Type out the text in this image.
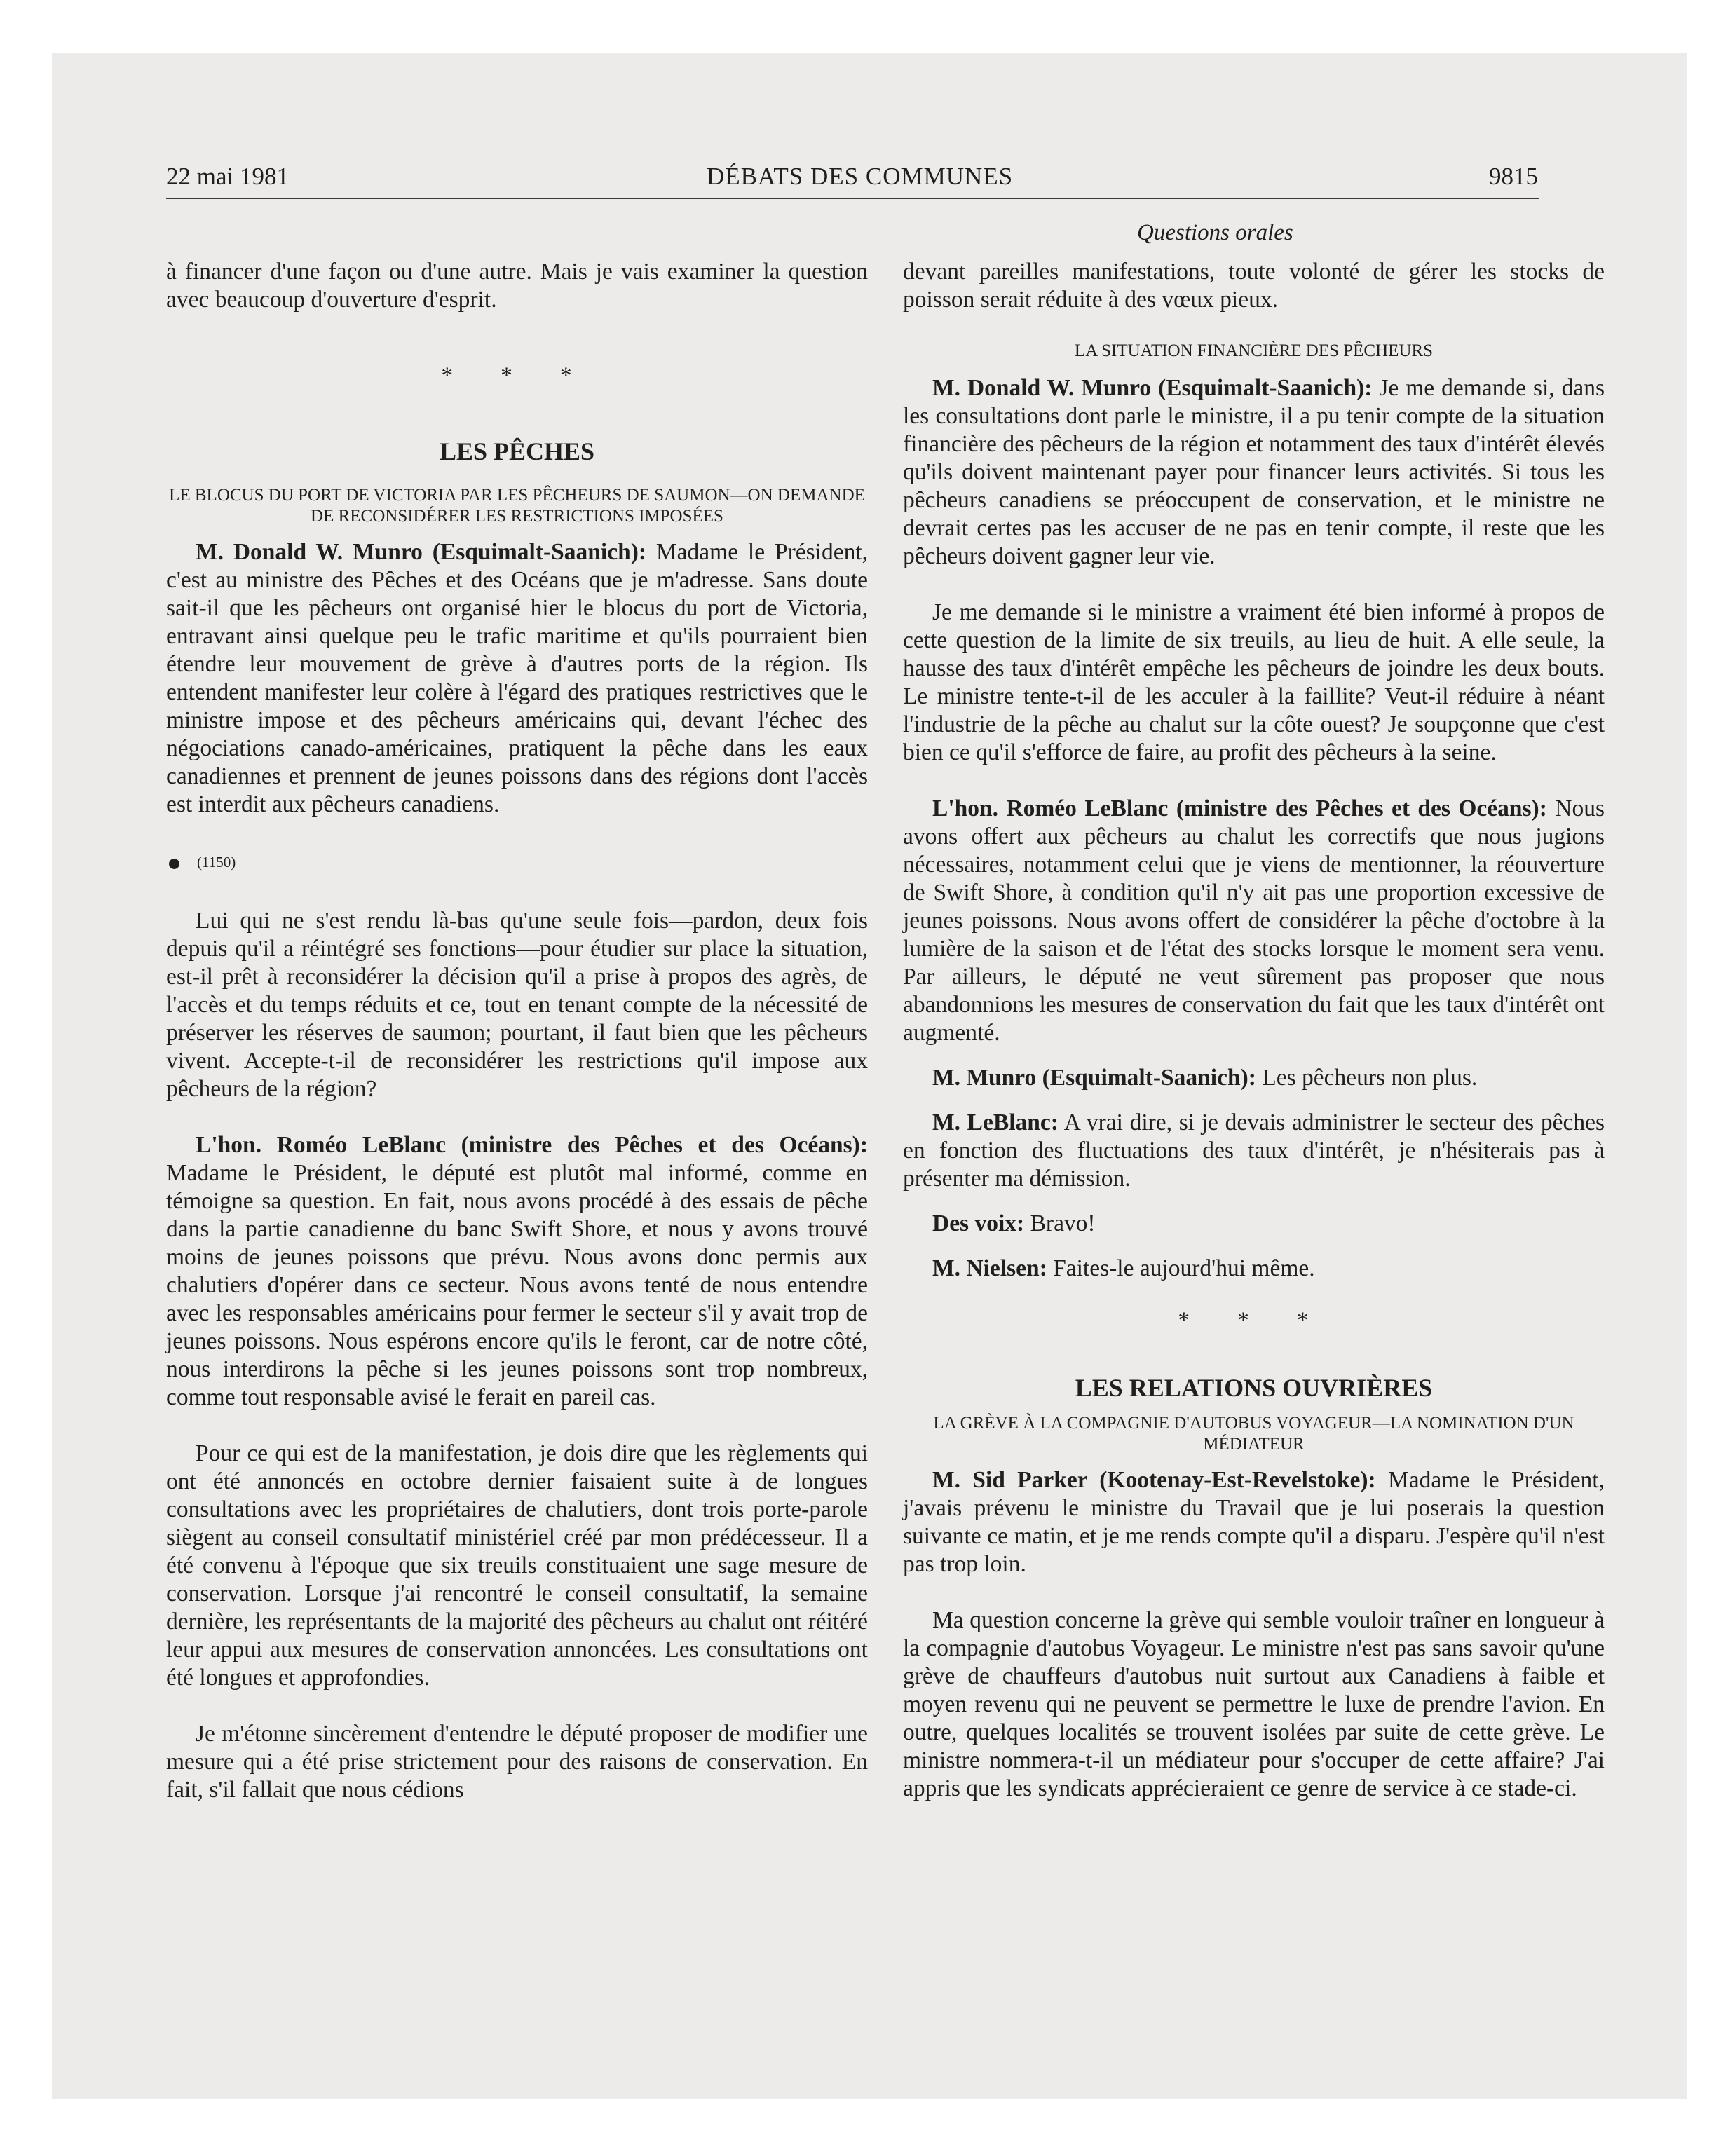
22 mai 1981	DÉBATS DES COMMUNES	9815
Questions orales

à financer d'une façon ou d'une autre. Mais je vais examiner la question avec beaucoup d'ouverture d'esprit.

* * *
LES PÊCHES
LE BLOCUS DU PORT DE VICTORIA PAR LES PÊCHEURS DE SAUMON—ON DEMANDE DE RECONSIDÉRER LES RESTRICTIONS IMPOSÉES

M. Donald W. Munro (Esquimalt-Saanich): Madame le Président, c'est au ministre des Pêches et des Océans que je m'adresse. Sans doute sait-il que les pêcheurs ont organisé hier le blocus du port de Victoria, entravant ainsi quelque peu le trafic maritime et qu'ils pourraient bien étendre leur mouvement de grève à d'autres ports de la région. Ils entendent manifester leur colère à l'égard des pratiques restrictives que le ministre impose et des pêcheurs américains qui, devant l'échec des négociations canado-américaines, pratiquent la pêche dans les eaux canadiennes et prennent de jeunes poissons dans des régions dont l'accès est interdit aux pêcheurs canadiens.

(1150)

Lui qui ne s'est rendu là-bas qu'une seule fois—pardon, deux fois depuis qu'il a réintégré ses fonctions—pour étudier sur place la situation, est-il prêt à reconsidérer la décision qu'il a prise à propos des agrès, de l'accès et du temps réduits et ce, tout en tenant compte de la nécessité de préserver les réserves de saumon; pourtant, il faut bien que les pêcheurs vivent. Accepte-t-il de reconsidérer les restrictions qu'il impose aux pêcheurs de la région?

L'hon. Roméo LeBlanc (ministre des Pêches et des Océans): Madame le Président, le député est plutôt mal informé, comme en témoigne sa question. En fait, nous avons procédé à des essais de pêche dans la partie canadienne du banc Swift Shore, et nous y avons trouvé moins de jeunes poissons que prévu. Nous avons donc permis aux chalutiers d'opérer dans ce secteur. Nous avons tenté de nous entendre avec les responsables américains pour fermer le secteur s'il y avait trop de jeunes poissons. Nous espérons encore qu'ils le feront, car de notre côté, nous interdirons la pêche si les jeunes poissons sont trop nombreux, comme tout responsable avisé le ferait en pareil cas.

Pour ce qui est de la manifestation, je dois dire que les règlements qui ont été annoncés en octobre dernier faisaient suite à de longues consultations avec les propriétaires de chalutiers, dont trois porte-parole siègent au conseil consultatif ministériel créé par mon prédécesseur. Il a été convenu à l'époque que six treuils constituaient une sage mesure de conservation. Lorsque j'ai rencontré le conseil consultatif, la semaine dernière, les représentants de la majorité des pêcheurs au chalut ont réitéré leur appui aux mesures de conservation annoncées. Les consultations ont été longues et approfondies.

Je m'étonne sincèrement d'entendre le député proposer de modifier une mesure qui a été prise strictement pour des raisons de conservation. En fait, s'il fallait que nous cédions

devant pareilles manifestations, toute volonté de gérer les stocks de poisson serait réduite à des vœux pieux.

LA SITUATION FINANCIÈRE DES PÊCHEURS

M. Donald W. Munro (Esquimalt-Saanich): Je me demande si, dans les consultations dont parle le ministre, il a pu tenir compte de la situation financière des pêcheurs de la région et notamment des taux d'intérêt élevés qu'ils doivent maintenant payer pour financer leurs activités. Si tous les pêcheurs canadiens se préoccupent de conservation, et le ministre ne devrait certes pas les accuser de ne pas en tenir compte, il reste que les pêcheurs doivent gagner leur vie.

Je me demande si le ministre a vraiment été bien informé à propos de cette question de la limite de six treuils, au lieu de huit. A elle seule, la hausse des taux d'intérêt empêche les pêcheurs de joindre les deux bouts. Le ministre tente-t-il de les acculer à la faillite? Veut-il réduire à néant l'industrie de la pêche au chalut sur la côte ouest? Je soupçonne que c'est bien ce qu'il s'efforce de faire, au profit des pêcheurs à la seine.

L'hon. Roméo LeBlanc (ministre des Pêches et des Océans): Nous avons offert aux pêcheurs au chalut les correctifs que nous jugions nécessaires, notamment celui que je viens de mentionner, la réouverture de Swift Shore, à condition qu'il n'y ait pas une proportion excessive de jeunes poissons. Nous avons offert de considérer la pêche d'octobre à la lumière de la saison et de l'état des stocks lorsque le moment sera venu. Par ailleurs, le député ne veut sûrement pas proposer que nous abandonnions les mesures de conservation du fait que les taux d'intérêt ont augmenté.

M. Munro (Esquimalt-Saanich): Les pêcheurs non plus.

M. LeBlanc: A vrai dire, si je devais administrer le secteur des pêches en fonction des fluctuations des taux d'intérêt, je n'hésiterais pas à présenter ma démission.

Des voix: Bravo!

M. Nielsen: Faites-le aujourd'hui même.

* * *
LES RELATIONS OUVRIÈRES
LA GRÈVE À LA COMPAGNIE D'AUTOBUS VOYAGEUR—LA NOMINATION D'UN MÉDIATEUR

M. Sid Parker (Kootenay-Est-Revelstoke): Madame le Président, j'avais prévenu le ministre du Travail que je lui poserais la question suivante ce matin, et je me rends compte qu'il a disparu. J'espère qu'il n'est pas trop loin.

Ma question concerne la grève qui semble vouloir traîner en longueur à la compagnie d'autobus Voyageur. Le ministre n'est pas sans savoir qu'une grève de chauffeurs d'autobus nuit surtout aux Canadiens à faible et moyen revenu qui ne peuvent se permettre le luxe de prendre l'avion. En outre, quelques localités se trouvent isolées par suite de cette grève. Le ministre nommera-t-il un médiateur pour s'occuper de cette affaire? J'ai appris que les syndicats apprécieraient ce genre de service à ce stade-ci.
